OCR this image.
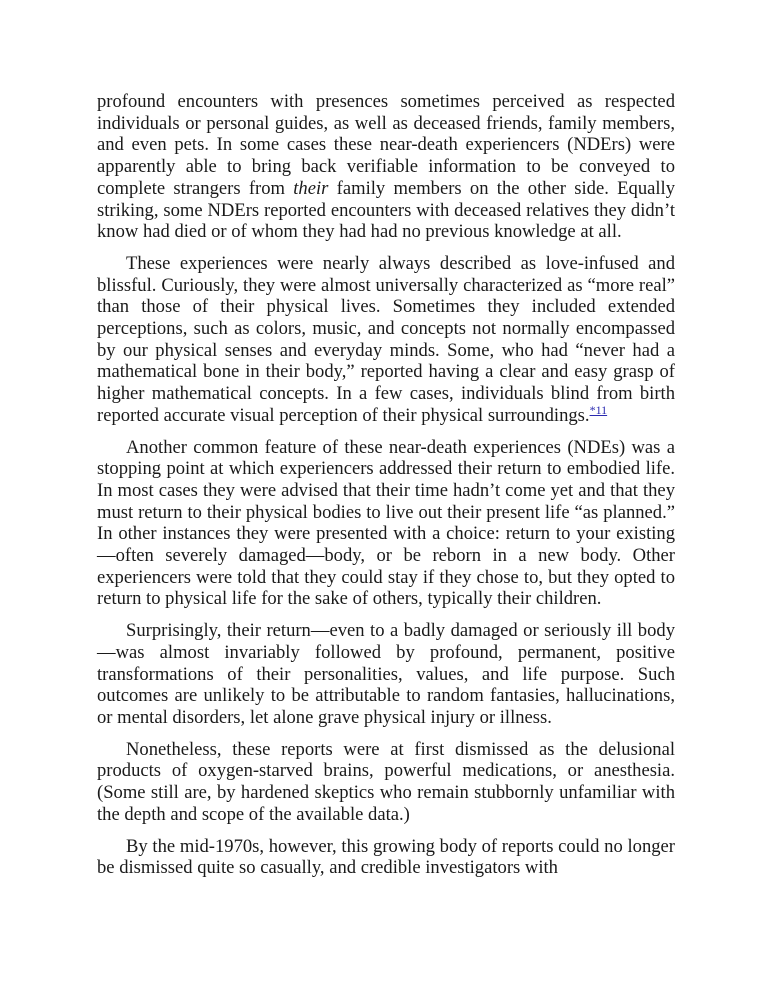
profound encounters with presences sometimes perceived as respected individuals or personal guides, as well as deceased friends, family members, and even pets. In some cases these near-death experiencers (NDErs) were apparently able to bring back verifiable information to be conveyed to complete strangers from their family members on the other side. Equally striking, some NDErs reported encounters with deceased relatives they didn’t know had died or of whom they had had no previous knowledge at all.

These experiences were nearly always described as love-infused and blissful. Curiously, they were almost universally characterized as “more real” than those of their physical lives. Sometimes they included extended perceptions, such as colors, music, and concepts not normally encompassed by our physical senses and everyday minds. Some, who had “never had a mathematical bone in their body,” reported having a clear and easy grasp of higher mathematical concepts. In a few cases, individuals blind from birth reported accurate visual perception of their physical surroundings.$^{*11}$

Another common feature of these near-death experiences (NDEs) was a stopping point at which experiencers addressed their return to embodied life. In most cases they were advised that their time hadn’t come yet and that they must return to their physical bodies to live out their present life “as planned.” In other instances they were presented with a choice: return to your existing—often severely damaged—body, or be reborn in a new body. Other experiencers were told that they could stay if they chose to, but they opted to return to physical life for the sake of others, typically their children.

Surprisingly, their return—even to a badly damaged or seriously ill body—was almost invariably followed by profound, permanent, positive transformations of their personalities, values, and life purpose. Such outcomes are unlikely to be attributable to random fantasies, hallucinations, or mental disorders, let alone grave physical injury or illness.

Nonetheless, these reports were at first dismissed as the delusional products of oxygen-starved brains, powerful medications, or anesthesia. (Some still are, by hardened skeptics who remain stubbornly unfamiliar with the depth and scope of the available data.)

By the mid-1970s, however, this growing body of reports could no longer be dismissed quite so casually, and credible investigators with
